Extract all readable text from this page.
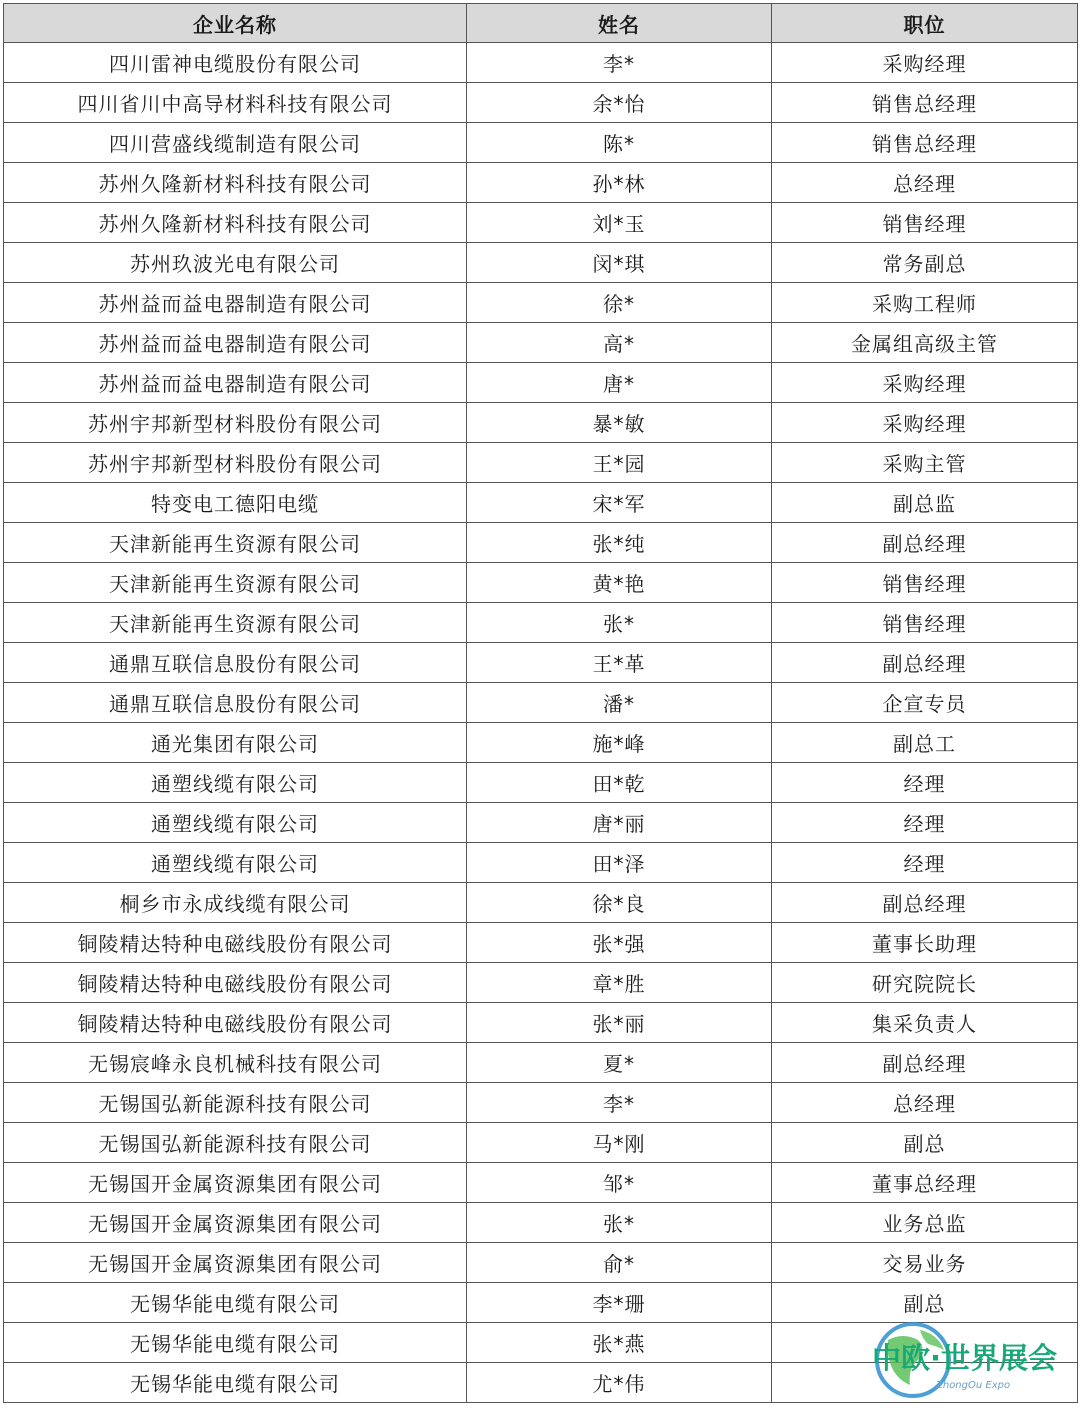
企业名称	姓名	职位
四川雷神电缆股份有限公司	李*	采购经理
四川省川中高导材料科技有限公司	余*怡	销售总经理
四川营盛线缆制造有限公司	陈*	销售总经理
苏州久隆新材料科技有限公司	孙*林	总经理
苏州久隆新材料科技有限公司	刘*玉	销售经理
苏州玖波光电有限公司	闵*琪	常务副总
苏州益而益电器制造有限公司	徐*	采购工程师
苏州益而益电器制造有限公司	高*	金属组高级主管
苏州益而益电器制造有限公司	唐*	采购经理
苏州宇邦新型材料股份有限公司	暴*敏	采购经理
苏州宇邦新型材料股份有限公司	王*园	采购主管
特变电工德阳电缆	宋*军	副总监
天津新能再生资源有限公司	张*纯	副总经理
天津新能再生资源有限公司	黄*艳	销售经理
天津新能再生资源有限公司	张*	销售经理
通鼎互联信息股份有限公司	王*革	副总经理
通鼎互联信息股份有限公司	潘*	企宣专员
通光集团有限公司	施*峰	副总工
通塑线缆有限公司	田*乾	经理
通塑线缆有限公司	唐*丽	经理
通塑线缆有限公司	田*泽	经理
桐乡市永成线缆有限公司	徐*良	副总经理
铜陵精达特种电磁线股份有限公司	张*强	董事长助理
铜陵精达特种电磁线股份有限公司	章*胜	研究院院长
铜陵精达特种电磁线股份有限公司	张*丽	集采负责人
无锡宸峰永良机械科技有限公司	夏*	副总经理
无锡国弘新能源科技有限公司	李*	总经理
无锡国弘新能源科技有限公司	马*刚	副总
无锡国开金属资源集团有限公司	邹*	董事总经理
无锡国开金属资源集团有限公司	张*	业务总监
无锡国开金属资源集团有限公司	俞*	交易业务
无锡华能电缆有限公司	李*珊	副总
无锡华能电缆有限公司	张*燕	
无锡华能电缆有限公司	尤*伟	
中欧·世界展会
ZhongOu Expo
